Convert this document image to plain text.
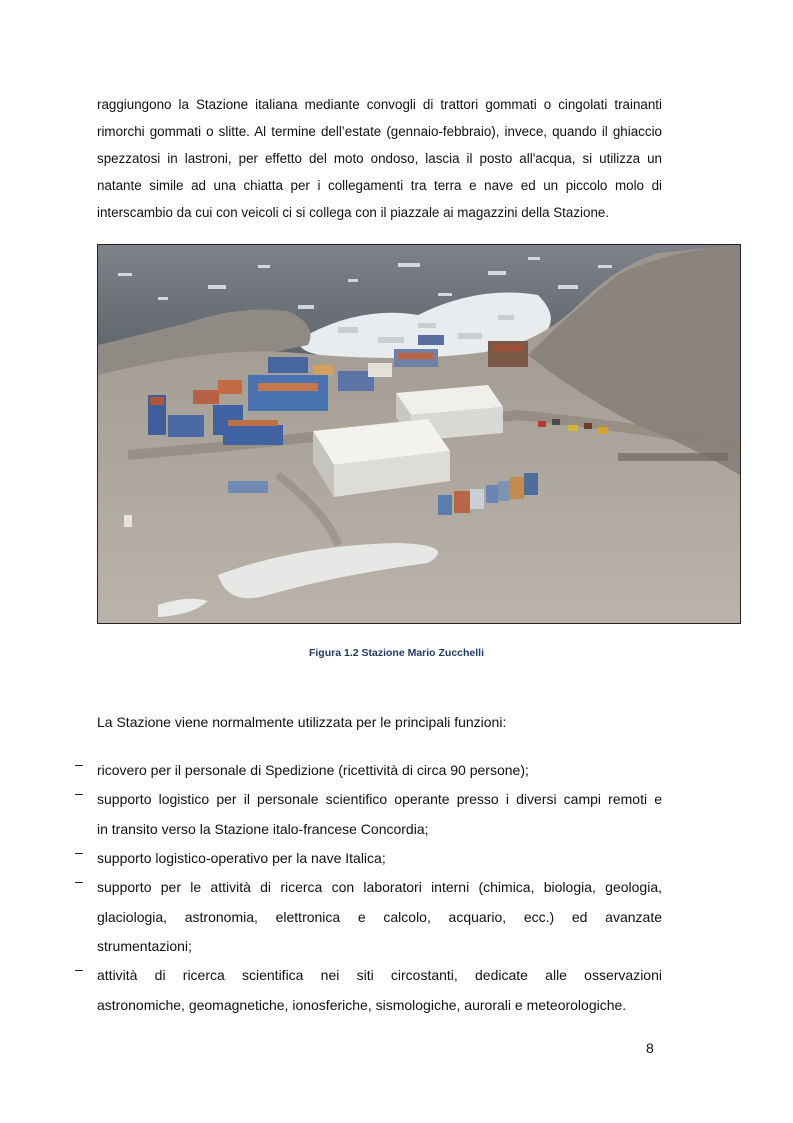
raggiungono la Stazione italiana mediante convogli di trattori gommati o cingolati trainanti
rimorchi gommati o slitte. Al termine dell’estate (gennaio-febbraio), invece, quando il ghiaccio
spezzatosi in lastroni, per effetto del moto ondoso, lascia il posto all'acqua, si utilizza un
natante simile ad una chiatta per i collegamenti tra terra e nave ed un piccolo molo di
interscambio da cui con veicoli ci si collega con il piazzale ai magazzini della Stazione.

Figura 1.2 Stazione Mario Zucchelli
La Stazione viene normalmente utilizzata per le principali funzioni:
– ricovero per il personale di Spedizione (ricettività di circa 90 persone);
– supporto logistico per il personale scientifico operante presso i diversi campi remoti e
in transito verso la Stazione italo-francese Concordia;
– supporto logistico-operativo per la nave Italica;
– supporto per le attività di ricerca con laboratori interni (chimica, biologia, geologia,
glaciologia, astronomia, elettronica e calcolo, acquario, ecc.) ed avanzate
strumentazioni;
– attività di ricerca scientifica nei siti circostanti, dedicate alle osservazioni
astronomiche, geomagnetiche, ionosferiche, sismologiche, aurorali e meteorologiche.
8
